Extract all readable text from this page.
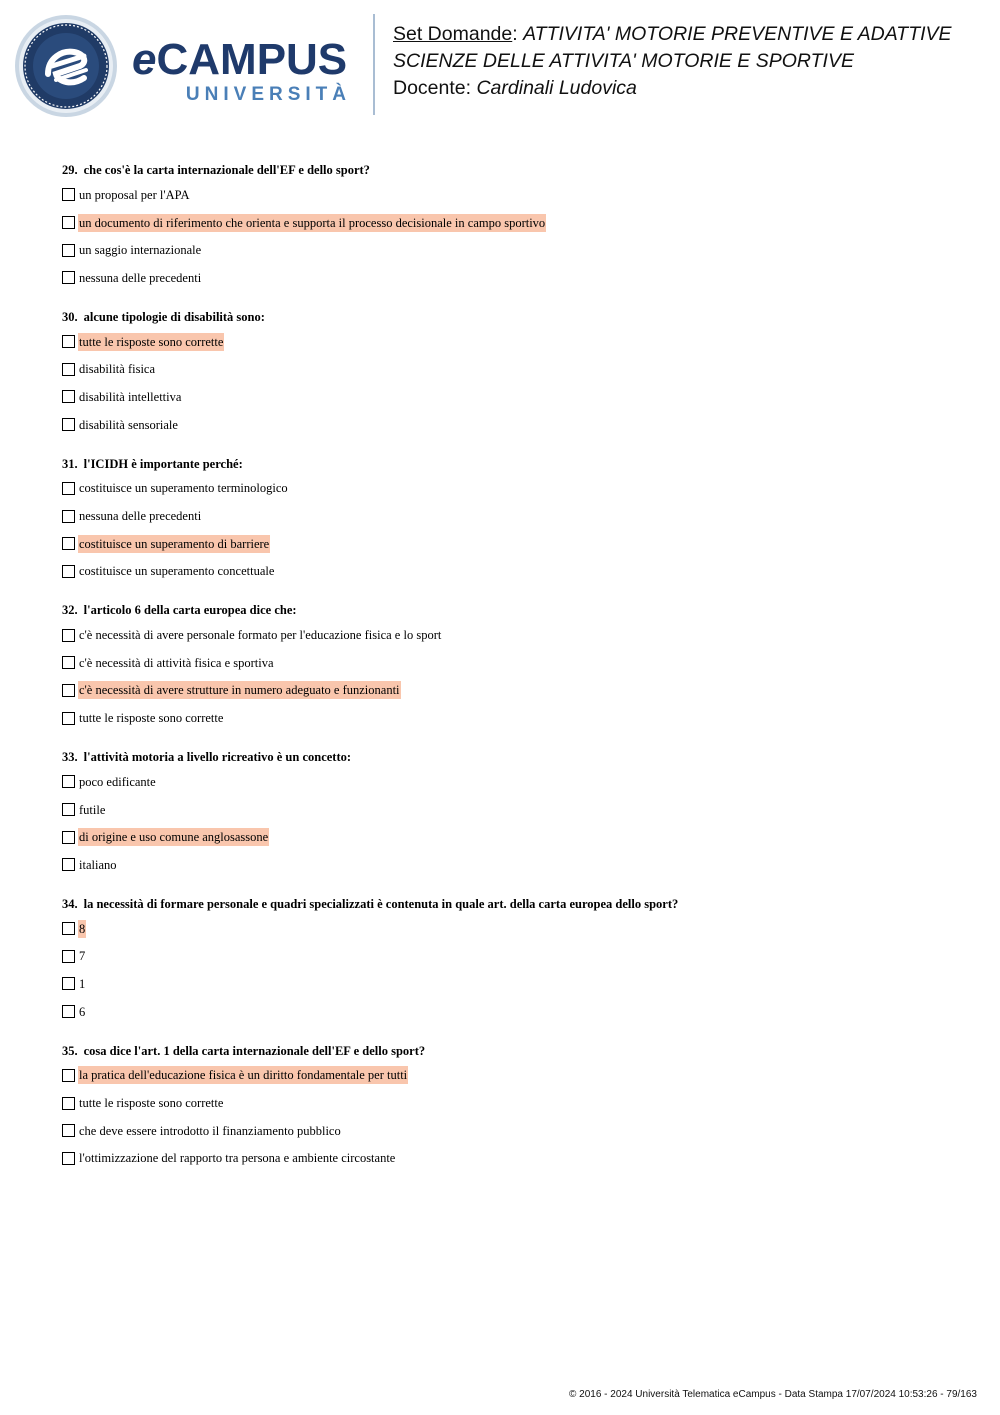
eCAMPUS
UNIVERSITÀ
Set Domande: ATTIVITA' MOTORIE PREVENTIVE E ADATTIVE
SCIENZE DELLE ATTIVITA' MOTORIE E SPORTIVE
Docente: Cardinali Ludovica
29. che cos'è la carta internazionale dell'EF e dello sport?
un proposal per l'APA
un documento di riferimento che orienta e supporta il processo decisionale in campo sportivo
un saggio internazionale
nessuna delle precedenti
30. alcune tipologie di disabilità sono:
tutte le risposte sono corrette
disabilità fisica
disabilità intellettiva
disabilità sensoriale
31. l'ICIDH è importante perché:
costituisce un superamento terminologico
nessuna delle precedenti
costituisce un superamento di barriere
costituisce un superamento concettuale
32. l'articolo 6 della carta europea dice che:
c'è necessità di avere personale formato per l'educazione fisica e lo sport
c'è necessità di attività fisica e sportiva
c'è necessità di avere strutture in numero adeguato e funzionanti
tutte le risposte sono corrette
33. l'attività motoria a livello ricreativo è un concetto:
poco edificante
futile
di origine e uso comune anglosassone
italiano
34. la necessità di formare personale e quadri specializzati è contenuta in quale art. della carta europea dello sport?
8
7
1
6
35. cosa dice l'art. 1 della carta internazionale dell'EF e dello sport?
la pratica dell'educazione fisica è un diritto fondamentale per tutti
tutte le risposte sono corrette
che deve essere introdotto il finanziamento pubblico
l'ottimizzazione del rapporto tra persona e ambiente circostante
© 2016 - 2024 Università Telematica eCampus - Data Stampa 17/07/2024 10:53:26 - 79/163
